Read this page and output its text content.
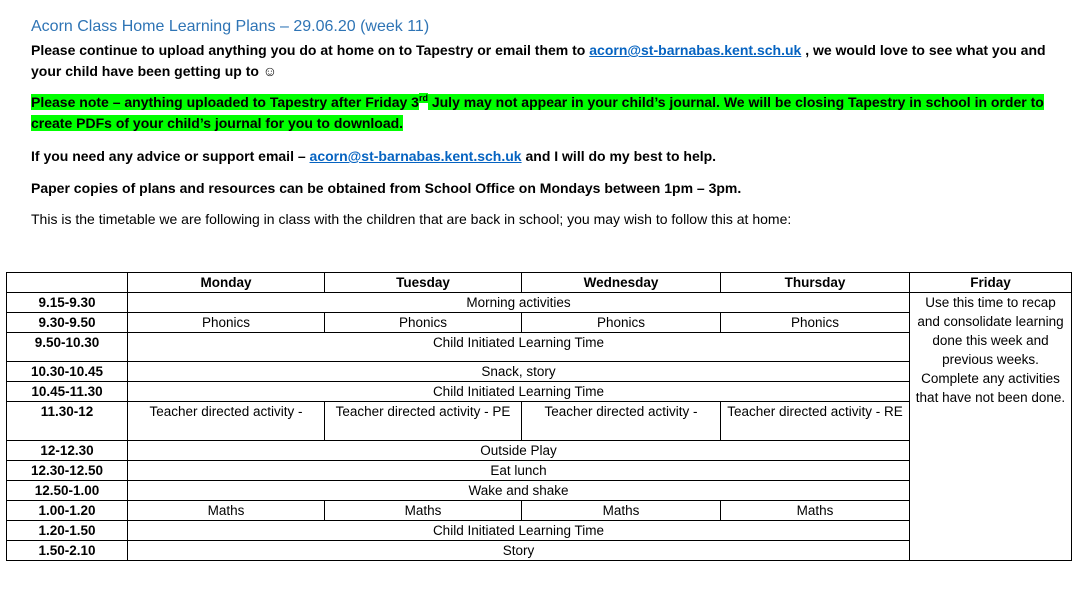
Acorn Class Home Learning Plans – 29.06.20 (week 11)
Please continue to upload anything you do at home on to Tapestry or email them to acorn@st-barnabas.kent.sch.uk , we would love to see what you and your child have been getting up to ☺
Please note – anything uploaded to Tapestry after Friday 3rd July may not appear in your child’s journal. We will be closing Tapestry in school in order to create PDFs of your child’s journal for you to download.
If you need any advice or support email – acorn@st-barnabas.kent.sch.uk and I will do my best to help.
Paper copies of plans and resources can be obtained from School Office on Mondays between 1pm – 3pm.
This is the timetable we are following in class with the children that are back in school; you may wish to follow this at home:
	Monday	Tuesday	Wednesday	Thursday	Friday
9.15-9.30	Morning activities				Use this time to recap and consolidate learning done this week and previous weeks. Complete any activities that have not been done.
9.30-9.50	Phonics	Phonics	Phonics	Phonics	
9.50-10.30	Child Initiated Learning Time				
10.30-10.45	Snack, story				
10.45-11.30	Child Initiated Learning Time				
11.30-12	Teacher directed activity -	Teacher directed activity - PE	Teacher directed activity -	Teacher directed activity - RE	
12-12.30	Outside Play				
12.30-12.50	Eat lunch				
12.50-1.00	Wake and shake				
1.00-1.20	Maths	Maths	Maths	Maths	
1.20-1.50	Child Initiated Learning Time				
1.50-2.10	Story				
